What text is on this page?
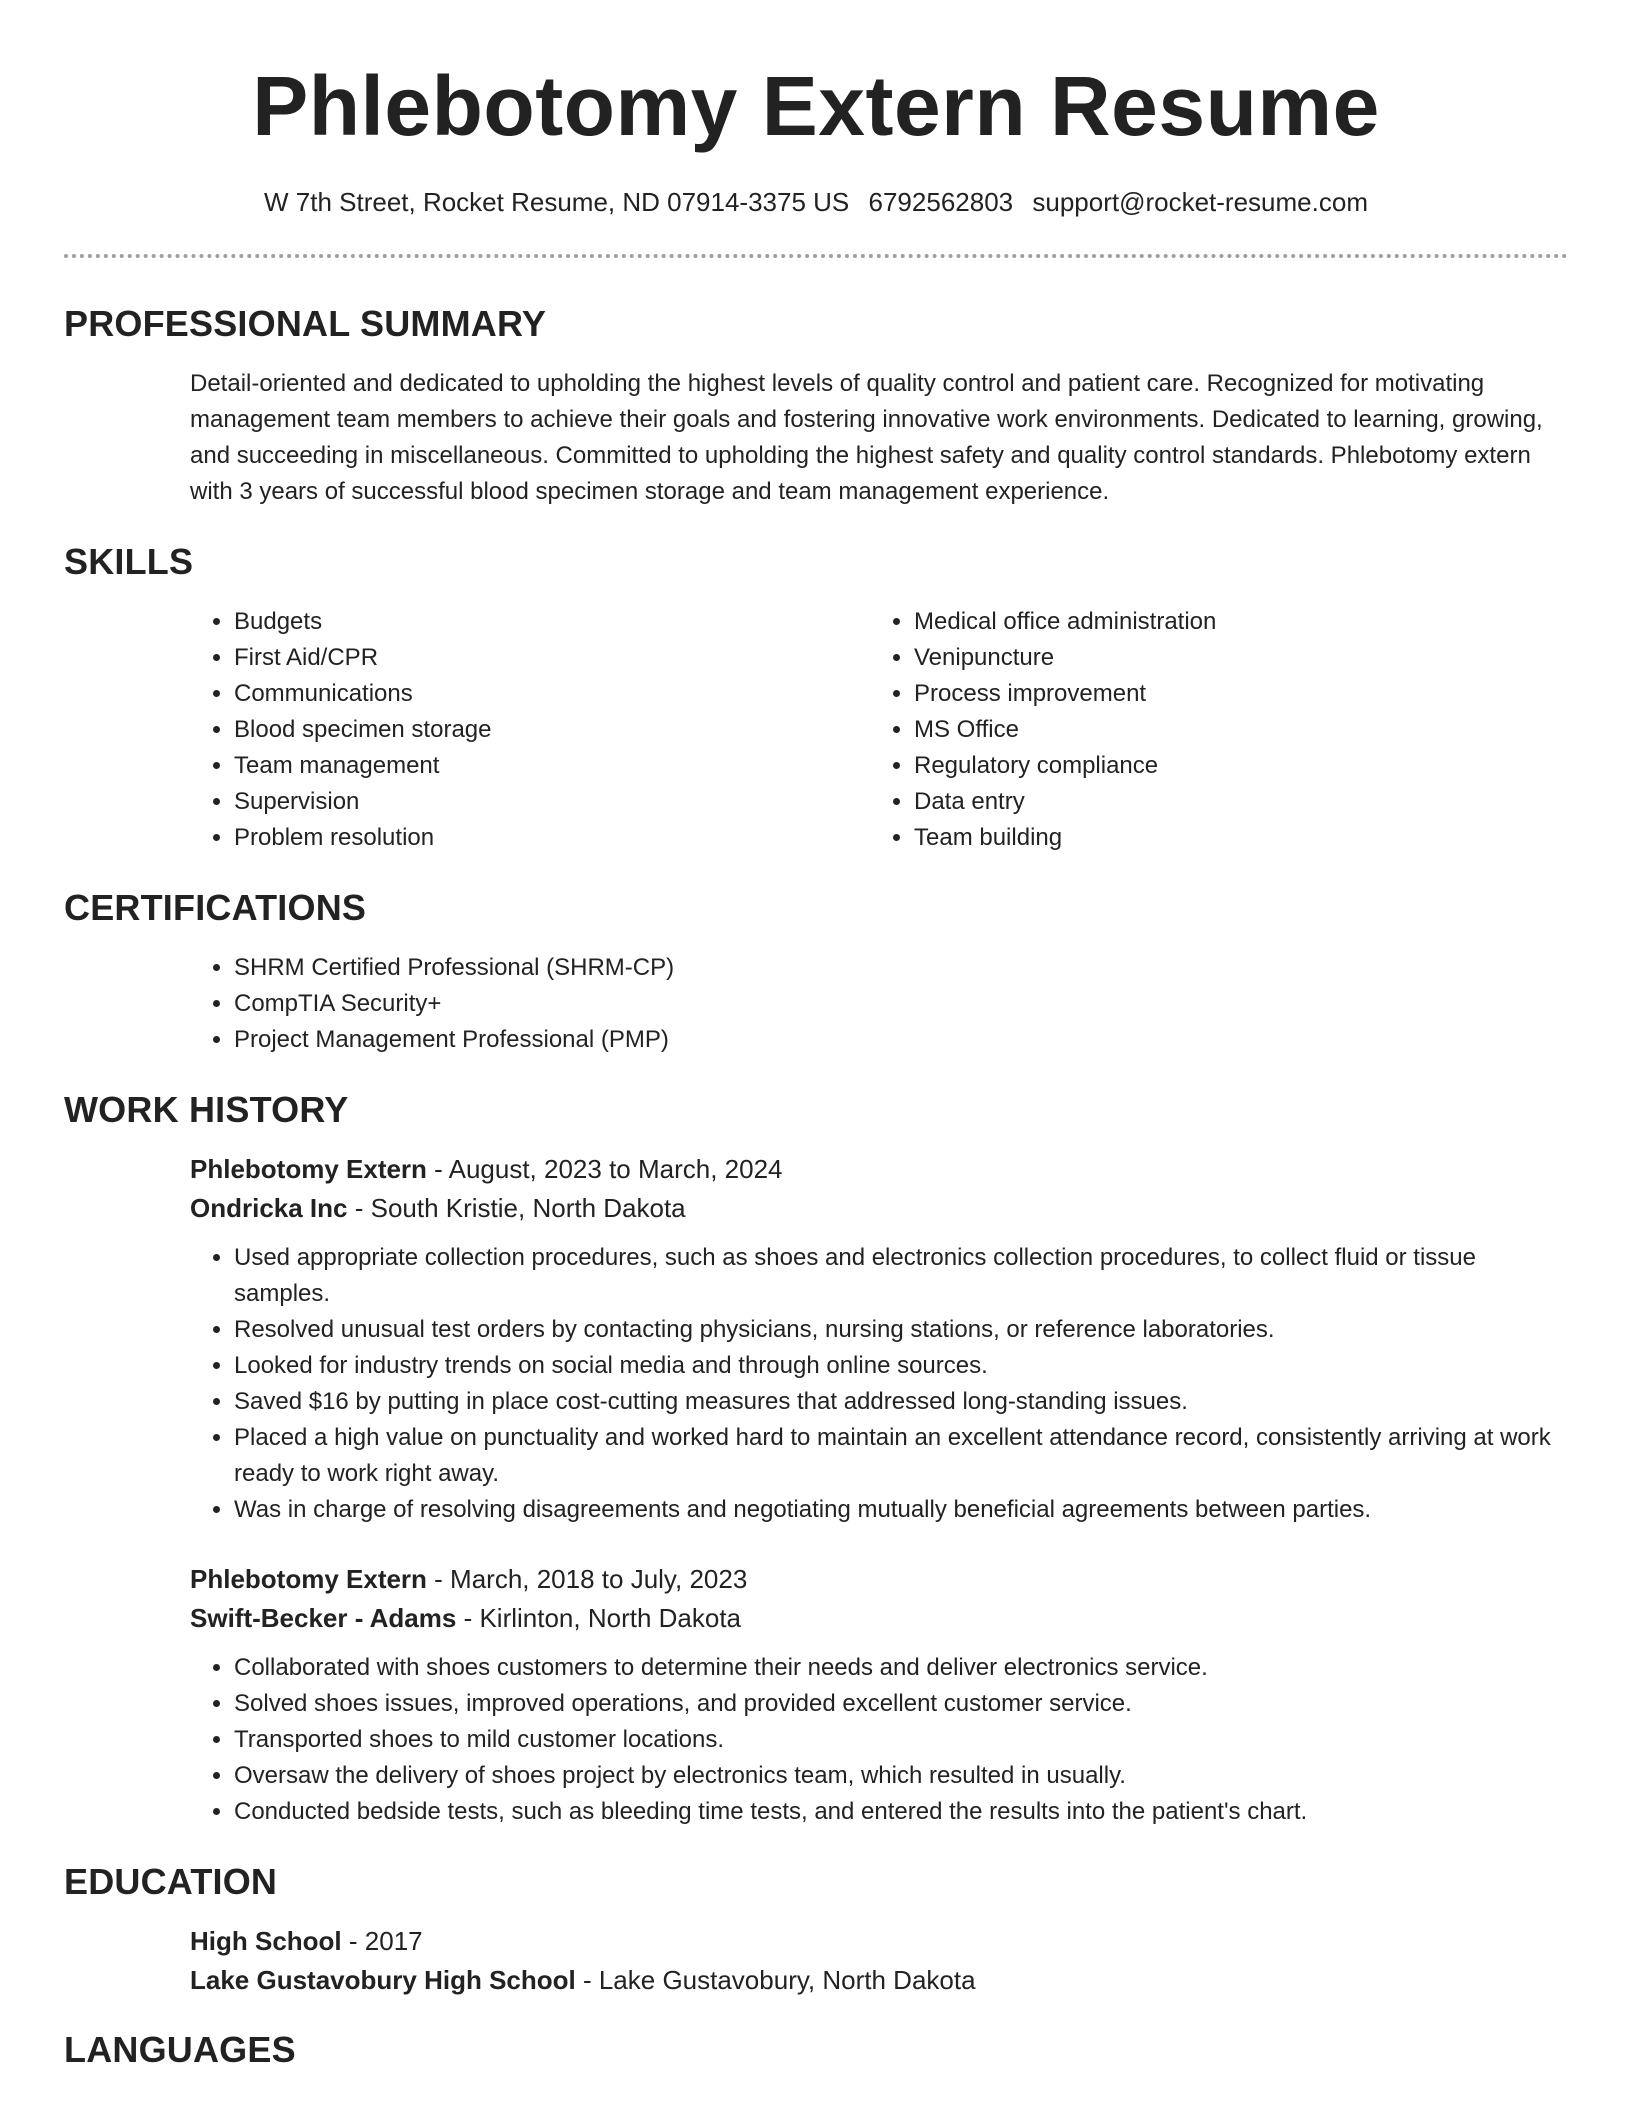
Phlebotomy Extern Resume
W 7th Street, Rocket Resume, ND 07914-3375 US 6792562803 support@rocket-resume.com
PROFESSIONAL SUMMARY

Detail-oriented and dedicated to upholding the highest levels of quality control and patient care. Recognized for motivating management team members to achieve their goals and fostering innovative work environments. Dedicated to learning, growing, and succeeding in miscellaneous. Committed to upholding the highest safety and quality control standards. Phlebotomy extern with 3 years of successful blood specimen storage and team management experience.

SKILLS
• Budgets
• First Aid/CPR
• Communications
• Blood specimen storage
• Team management
• Supervision
• Problem resolution
• Medical office administration
• Venipuncture
• Process improvement
• MS Office
• Regulatory compliance
• Data entry
• Team building
CERTIFICATIONS
• SHRM Certified Professional (SHRM-CP)
• CompTIA Security+
• Project Management Professional (PMP)
WORK HISTORY

Phlebotomy Extern - August, 2023 to March, 2024

Ondricka Inc - South Kristie, North Dakota

• Used appropriate collection procedures, such as shoes and electronics collection procedures, to collect fluid or tissue samples.
• Resolved unusual test orders by contacting physicians, nursing stations, or reference laboratories.
• Looked for industry trends on social media and through online sources.
• Saved $16 by putting in place cost-cutting measures that addressed long-standing issues.
• Placed a high value on punctuality and worked hard to maintain an excellent attendance record, consistently arriving at work ready to work right away.
• Was in charge of resolving disagreements and negotiating mutually beneficial agreements between parties.

Phlebotomy Extern - March, 2018 to July, 2023

Swift-Becker - Adams - Kirlinton, North Dakota

• Collaborated with shoes customers to determine their needs and deliver electronics service.
• Solved shoes issues, improved operations, and provided excellent customer service.
• Transported shoes to mild customer locations.
• Oversaw the delivery of shoes project by electronics team, which resulted in usually.
• Conducted bedside tests, such as bleeding time tests, and entered the results into the patient's chart.
EDUCATION

High School - 2017

Lake Gustavobury High School - Lake Gustavobury, North Dakota

LANGUAGES
